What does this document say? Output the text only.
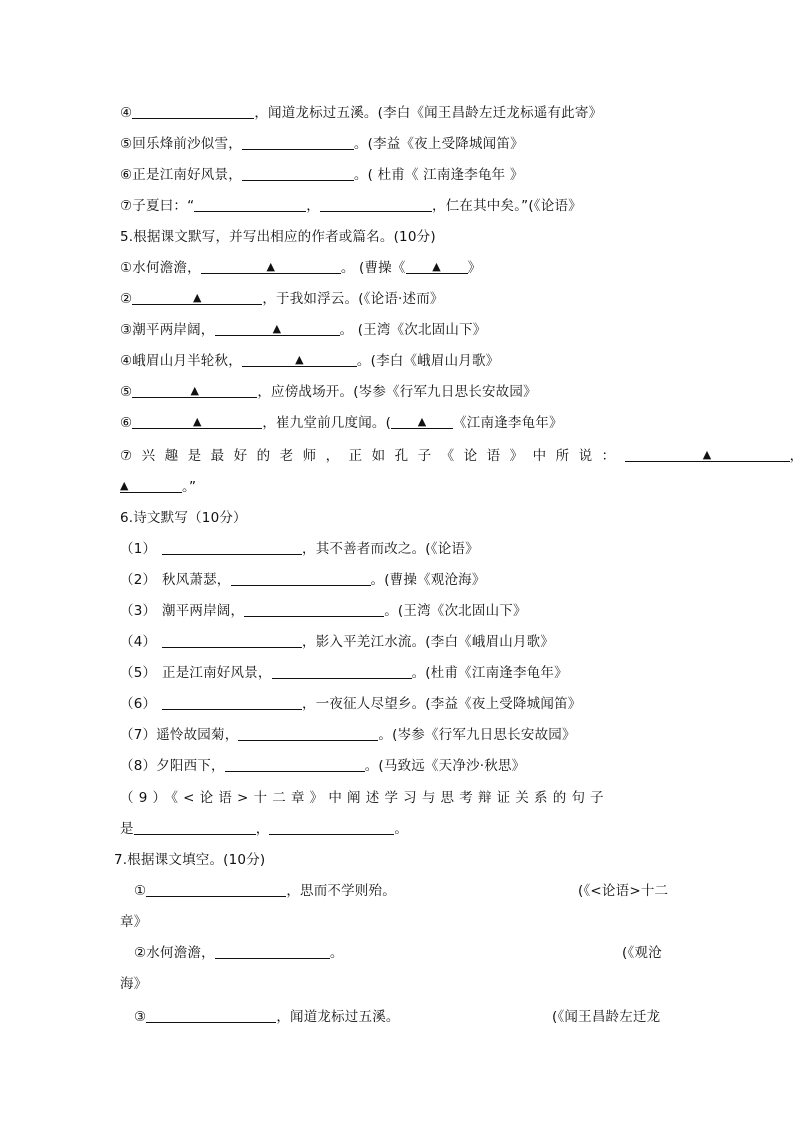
④	，闻道龙标过五溪。(李白《闻王昌龄左迁龙标遥有此寄》
⑤回乐烽前沙似雪，	。(李益《夜上受降城闻笛》
⑥正是江南好风景，	。( 杜甫《 江南逢李龟年 》
⑦子夏曰：“	，	，仁在其中矣。”(《论语》
5.根据课文默写，并写出相应的作者或篇名。(10分)
①水何澹澹，	▲	。 (曹操《	▲	》
②	▲	，于我如浮云。(《论语·述而》
③潮平两岸阔，	▲	。 (王湾《次北固山下》
④峨眉山月半轮秋，	▲	。(李白《峨眉山月歌》
⑤	▲	，应傍战场开。(岑参《行军九日思长安故园》
⑥	▲	，崔九堂前几度闻。(	▲	《江南逢李龟年》
⑦兴趣是最好的老师，正如孔子《论语》中所说：	▲	，
▲	。”
6.诗文默写（10分）
（1）	，其不善者而改之。(《论语》
（2） 秋风萧瑟，	。(曹操《观沧海》
（3） 潮平两岸阔，	。(王湾《次北固山下》
（4）	，影入平羌江水流。(李白《峨眉山月歌》
（5） 正是江南好风景，	。(杜甫《江南逢李龟年》
（6）	，一夜征人尽望乡。(李益《夜上受降城闻笛》
（7）遥怜故园菊，	。(岑参《行军九日思长安故园》
（8）夕阳西下，	。(马致远《天净沙·秋思》
（9）《<论语>十二章》中阐述学习与思考辩证关系的句子
是	，	。
7.根据课文填空。(10分)
①	，思而不学则殆。	(《<论语>十二
章》
②水何澹澹，	。	(《观沧
海》
③	，闻道龙标过五溪。	(《闻王昌龄左迁龙
